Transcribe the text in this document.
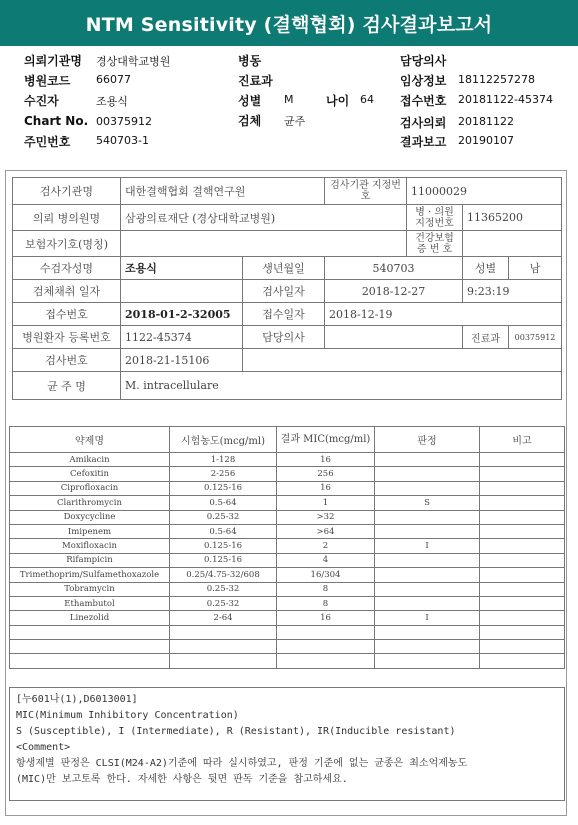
NTM Sensitivity (결핵협회) 검사결과보고서
의뢰기관명 경상대학교병원	병동	담당의사
병원코드 66077	진료과	임상정보 18112257278
수진자	조용식	성별 M	나이 64 접수번호 20181122-45374
Chart No. 00375912	검체 균주	검사의뢰 20181122
주민번호 540703-1	결과보고 20190107
검사기관명	대한결핵협회 결핵연구원		검사기관 지정번호	11000029		
의뢰 병의원명	삼광의료재단 (경상대학교병원)			병 · 의원 지정번호	11365200	
보험자기호(명칭)				건강보험 증 번 호		
수검자성명	조용식	생년월일	540703		성별	남
검체채취 일자		검사일자	2018-12-27		9:23:19	
접수번호	2018-01-2-32005	접수일자	2018-12-19			
병원환자 등록번호	1122-45374	담당의사			진료과	00375912
검사번호	2018-21-15106					
균 주 명	M. intracellulare					
약제명	시험농도(mcg/ml)	결과 MIC(mcg/ml)	판정	비고
Amikacin	1-128	16		
Cefoxitin	2-256	256		
Ciprofloxacin	0.125-16	16		
Clarithromycin	0.5-64	1	S	
Doxycycline	0.25-32	>32		
Imipenem	0.5-64	>64		
Moxifloxacin	0.125-16	2	I	
Rifampicin	0.125-16	4		
Trimethoprim/Sulfamethoxazole	0.25/4.75-32/608	16/304		
Tobramycin	0.25-32	8		
Ethambutol	0.25-32	8		
Linezolid	2-64	16	I	

[누601나(1),D6013001]
MIC(Minimum Inhibitory Concentration)
S (Susceptible), I (Intermediate), R (Resistant), IR(Inducible resistant)
<Comment>
항생제별 판정은 CLSI(M24-A2)기준에 따라 실시하였고, 판정 기준에 없는 균종은 최소억제농도
(MIC)만 보고토록 한다. 자세한 사항은 뒷면 판독 기준을 참고하세요.
